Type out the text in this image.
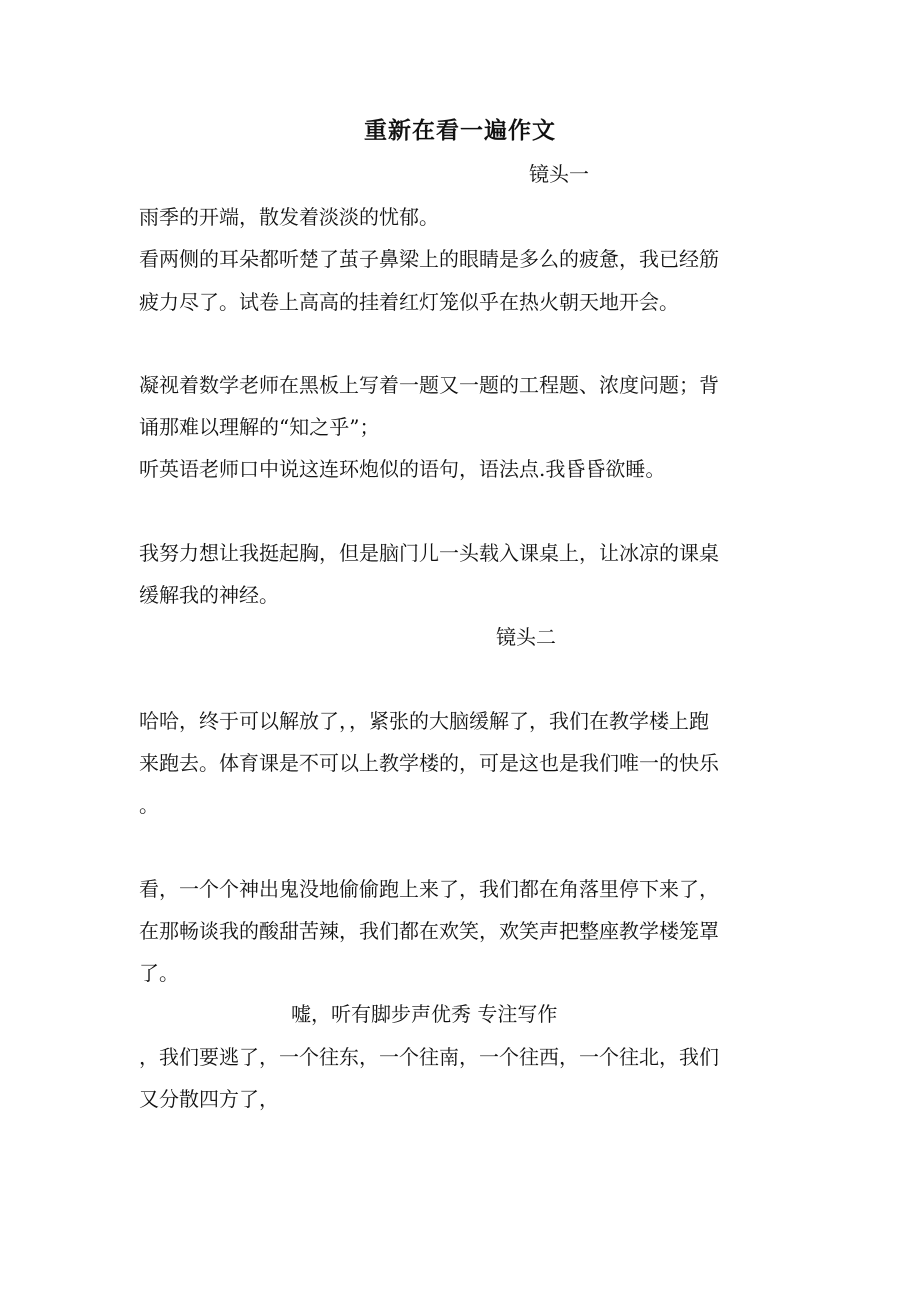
重新在看一遍作文
镜头一
雨季的开端，散发着淡淡的忧郁。
看两侧的耳朵都听楚了茧子鼻梁上的眼睛是多么的疲惫，我已经筋
疲力尽了。试卷上高高的挂着红灯笼似乎在热火朝天地开会。
凝视着数学老师在黑板上写着一题又一题的工程题、浓度问题；背
诵那难以理解的“知之乎”；
听英语老师口中说这连环炮似的语句，语法点.我昏昏欲睡。
我努力想让我挺起胸，但是脑门儿一头载入课桌上，让冰凉的课桌
缓解我的神经。
镜头二
哈哈，终于可以解放了，，紧张的大脑缓解了，我们在教学楼上跑
来跑去。体育课是不可以上教学楼的，可是这也是我们唯一的快乐
。
看，一个个神出鬼没地偷偷跑上来了，我们都在角落里停下来了，
在那畅谈我的酸甜苦辣，我们都在欢笑，欢笑声把整座教学楼笼罩
了。
嘘，听有脚步声优秀 专注写作
，我们要逃了，一个往东，一个往南，一个往西，一个往北，我们
又分散四方了，
